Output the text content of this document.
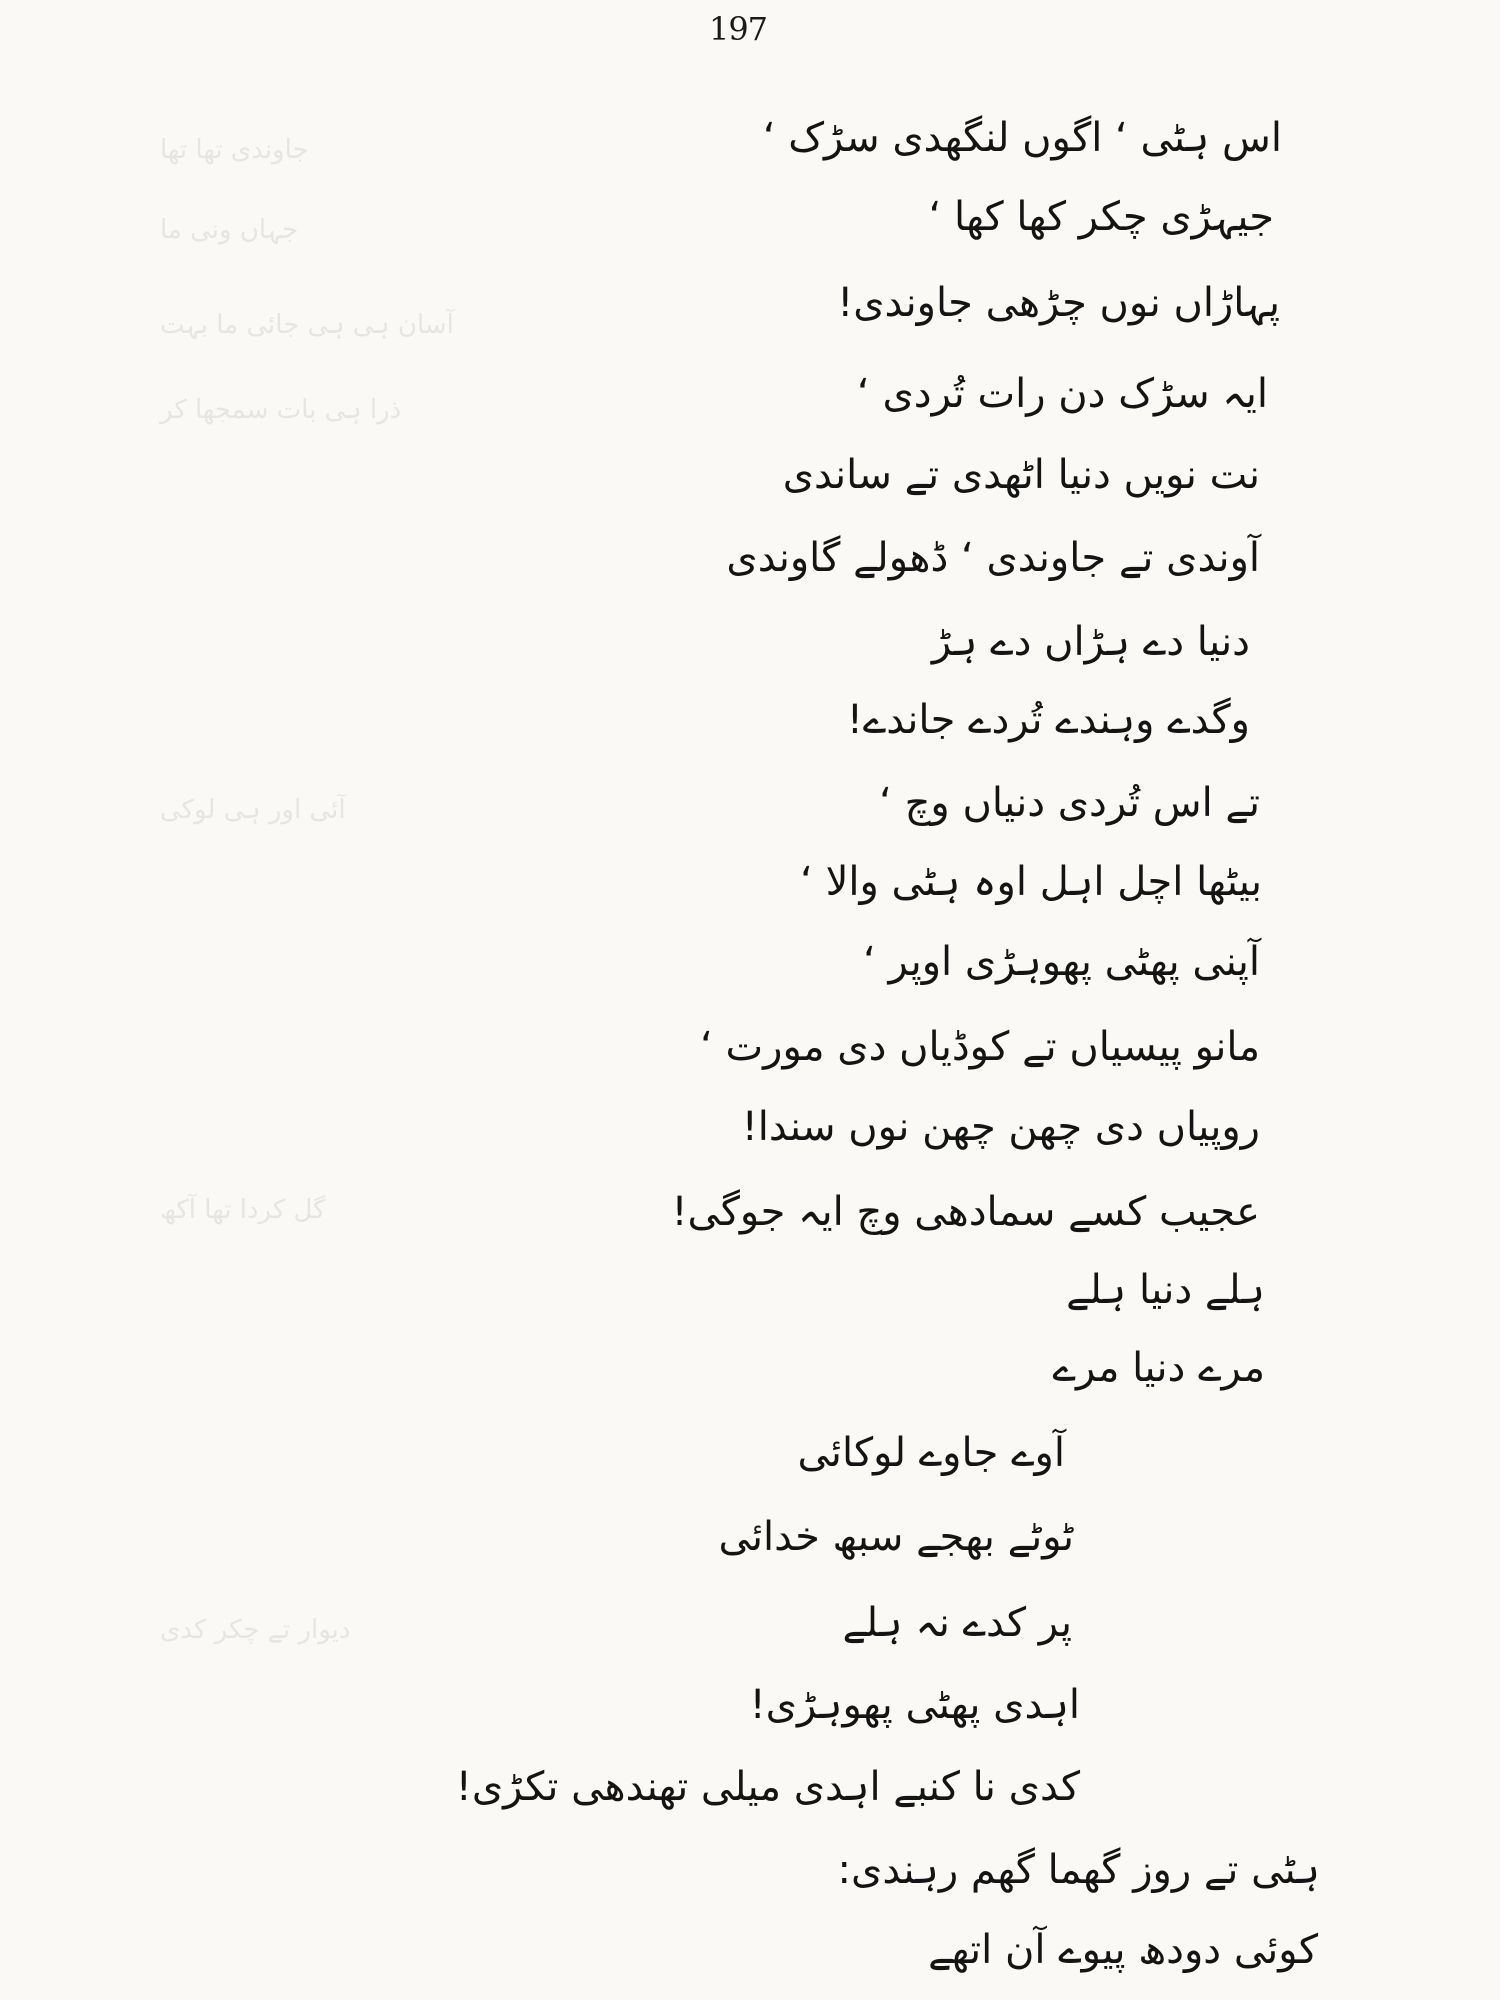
197
جاوندی تھا تھا
جہاں ونی ما
آسان ہی ہی جائی ما بہت
ذرا ہی بات سمجھا کر
آئی اور ہی لوکی
گل کردا تھا آکھ
دیوار تے چکر کدی
اس ہٹی ‘ اگوں لنگھدی سڑک ‘
جیہڑی چکر کھا کھا ‘
پہاڑاں نوں چڑھی جاوندی!
ایہ سڑک دن رات تُردی ‘
نت نویں دنیا اٹھدی تے ساندی
آوندی تے جاوندی ‘ ڈھولے گاوندی
دنیا دے ہڑاں دے ہڑ
وگدے وہندے تُردے جاندے!
تے اس تُردی دنیاں وچ ‘
بیٹھا اچل اہل اوہ ہٹی والا ‘
آپنی پھٹی پھوہڑی اوپر ‘
مانو پیسیاں تے کوڈیاں دی مورت ‘
روپیاں دی چھن چھن نوں سندا!
عجیب کسے سمادھی وچ ایہ جوگی!
ہلے دنیا ہلے
مرے دنیا مرے
آوے جاوے لوکائی
ٹوٹے بھجے سبھ خدائی
پر کدے نہ ہلے
اہدی پھٹی پھوہڑی!
کدی نا کنبے اہدی میلی تھندھی تکڑی!
ہٹی تے روز گھما گھم رہندی:
کوئی دودھ پیوے آن اتھے
